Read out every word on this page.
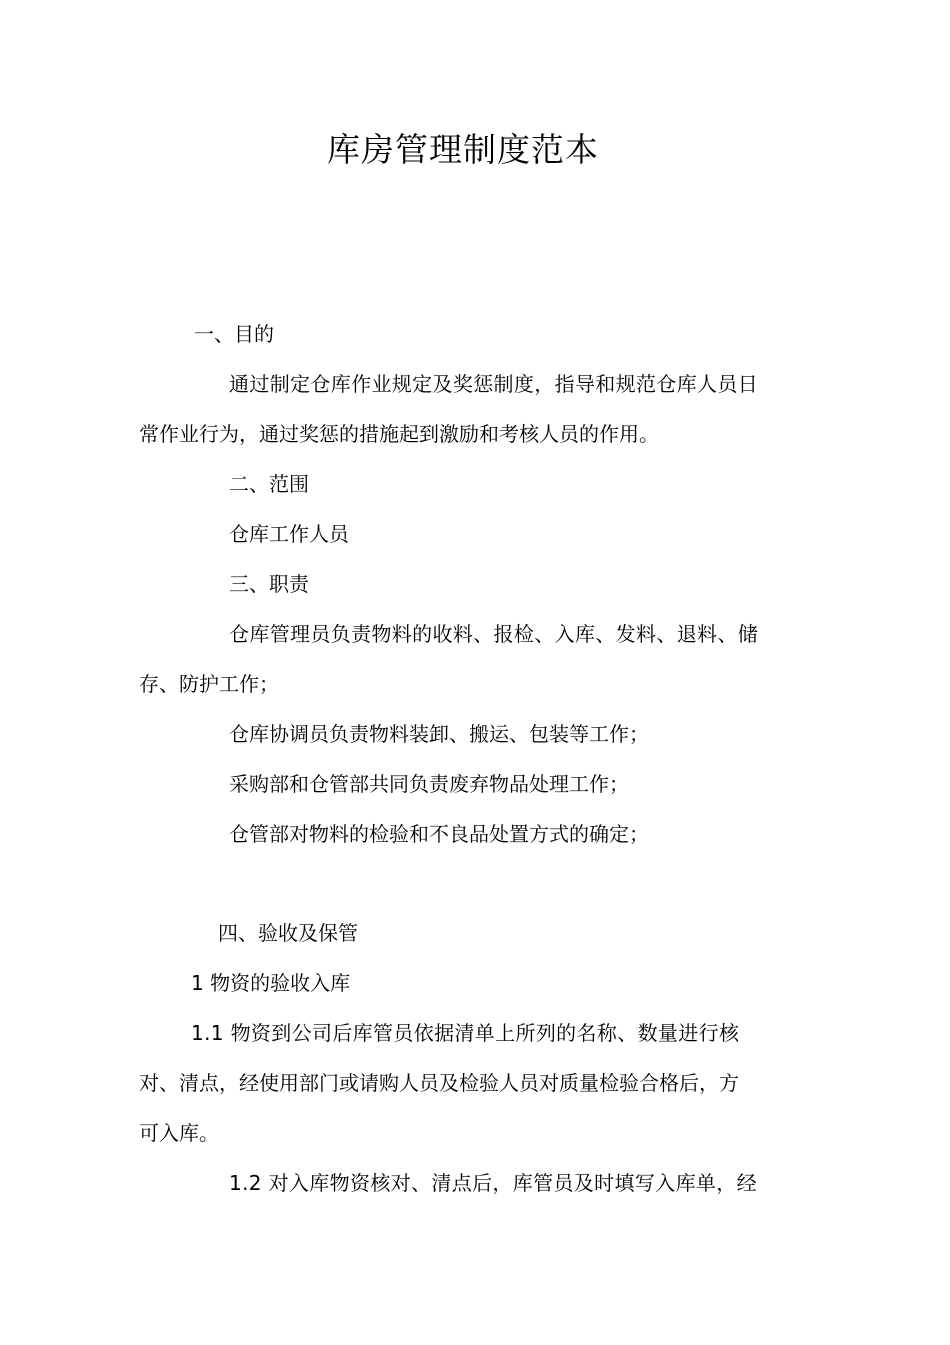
库房管理制度范本
一、目的
通过制定仓库作业规定及奖惩制度，指导和规范仓库人员日
常作业行为，通过奖惩的措施起到激励和考核人员的作用。
二、范围
仓库工作人员
三、职责
仓库管理员负责物料的收料、报检、入库、发料、退料、储
存、防护工作；
仓库协调员负责物料装卸、搬运、包装等工作；
采购部和仓管部共同负责废弃物品处理工作；
仓管部对物料的检验和不良品处置方式的确定；
四、验收及保管
1 物资的验收入库
1.1 物资到公司后库管员依据清单上所列的名称、数量进行核
对、清点，经使用部门或请购人员及检验人员对质量检验合格后，方
可入库。
1.2 对入库物资核对、清点后，库管员及时填写入库单，经
